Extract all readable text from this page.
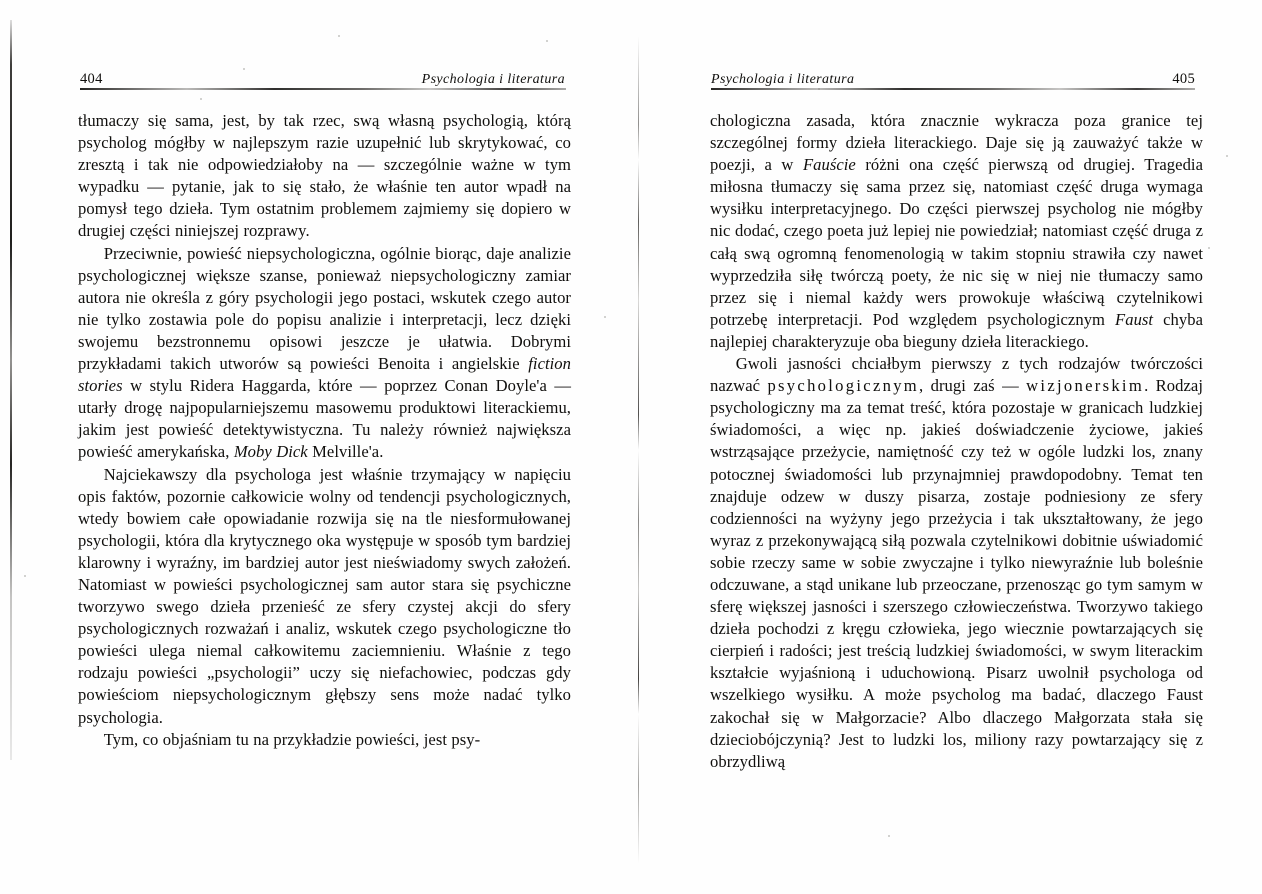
404	Psychologia i literatura

tłumaczy się sama, jest, by tak rzec, swą własną psychologią, którą psycholog mógłby w najlepszym razie uzupełnić lub skrytykować, co zresztą i tak nie odpowiedziałoby na — szczególnie ważne w tym wypadku — pytanie, jak to się stało, że właśnie ten autor wpadł na pomysł tego dzieła. Tym ostatnim problemem zajmiemy się dopiero w drugiej części niniejszej rozprawy.

Przeciwnie, powieść niepsychologiczna, ogólnie biorąc, daje analizie psychologicznej większe szanse, ponieważ niepsychologiczny zamiar autora nie określa z góry psychologii jego postaci, wskutek czego autor nie tylko zostawia pole do popisu analizie i interpretacji, lecz dzięki swojemu bezstronnemu opisowi jeszcze je ułatwia. Dobrymi przykładami takich utworów są powieści Benoita i angielskie fiction stories w stylu Ridera Haggarda, które — poprzez Conan Doyle'a — utarły drogę najpopularniejszemu masowemu produktowi literackiemu, jakim jest powieść detektywistyczna. Tu należy również największa powieść amerykańska, Moby Dick Melville'a.

Najciekawszy dla psychologa jest właśnie trzymający w napięciu opis faktów, pozornie całkowicie wolny od tendencji psychologicznych, wtedy bowiem całe opowiadanie rozwija się na tle niesformułowanej psychologii, która dla krytycznego oka występuje w sposób tym bardziej klarowny i wyraźny, im bardziej autor jest nieświadomy swych założeń. Natomiast w powieści psychologicznej sam autor stara się psychiczne tworzywo swego dzieła przenieść ze sfery czystej akcji do sfery psychologicznych rozważań i analiz, wskutek czego psychologiczne tło powieści ulega niemal całkowitemu zaciemnieniu. Właśnie z tego rodzaju powieści „psychologii” uczy się niefachowiec, podczas gdy powieściom niepsychologicznym głębszy sens może nadać tylko psychologia.

Tym, co objaśniam tu na przykładzie powieści, jest psy-

Psychologia i literatura	405

chologiczna zasada, która znacznie wykracza poza granice tej szczególnej formy dzieła literackiego. Daje się ją zauważyć także w poezji, a w Fauście różni ona część pierwszą od drugiej. Tragedia miłosna tłumaczy się sama przez się, natomiast część druga wymaga wysiłku interpretacyjnego. Do części pierwszej psycholog nie mógłby nic dodać, czego poeta już lepiej nie powiedział; natomiast część druga z całą swą ogromną fenomenologią w takim stopniu strawiła czy nawet wyprzedziła siłę twórczą poety, że nic się w niej nie tłumaczy samo przez się i niemal każdy wers prowokuje właściwą czytelnikowi potrzebę interpretacji. Pod względem psychologicznym Faust chyba najlepiej charakteryzuje oba bieguny dzieła literackiego.

Gwoli jasności chciałbym pierwszy z tych rodzajów twórczości nazwać psychologicznym, drugi zaś — wizjonerskim. Rodzaj psychologiczny ma za temat treść, która pozostaje w granicach ludzkiej świadomości, a więc np. jakieś doświadczenie życiowe, jakieś wstrząsające przeżycie, namiętność czy też w ogóle ludzki los, znany potocznej świadomości lub przynajmniej prawdopodobny. Temat ten znajduje odzew w duszy pisarza, zostaje podniesiony ze sfery codzienności na wyżyny jego przeżycia i tak ukształtowany, że jego wyraz z przekonywającą siłą pozwala czytelnikowi dobitnie uświadomić sobie rzeczy same w sobie zwyczajne i tylko niewyraźnie lub boleśnie odczuwane, a stąd unikane lub przeoczane, przenosząc go tym samym w sferę większej jasności i szerszego człowieczeństwa. Tworzywo takiego dzieła pochodzi z kręgu człowieka, jego wiecznie powtarzających się cierpień i radości; jest treścią ludzkiej świadomości, w swym literackim kształcie wyjaśnioną i uduchowioną. Pisarz uwolnił psychologa od wszelkiego wysiłku. A może psycholog ma badać, dlaczego Faust zakochał się w Małgorzacie? Albo dlaczego Małgorzata stała się dzieciobójczynią? Jest to ludzki los, miliony razy powtarzający się z obrzydliwą
